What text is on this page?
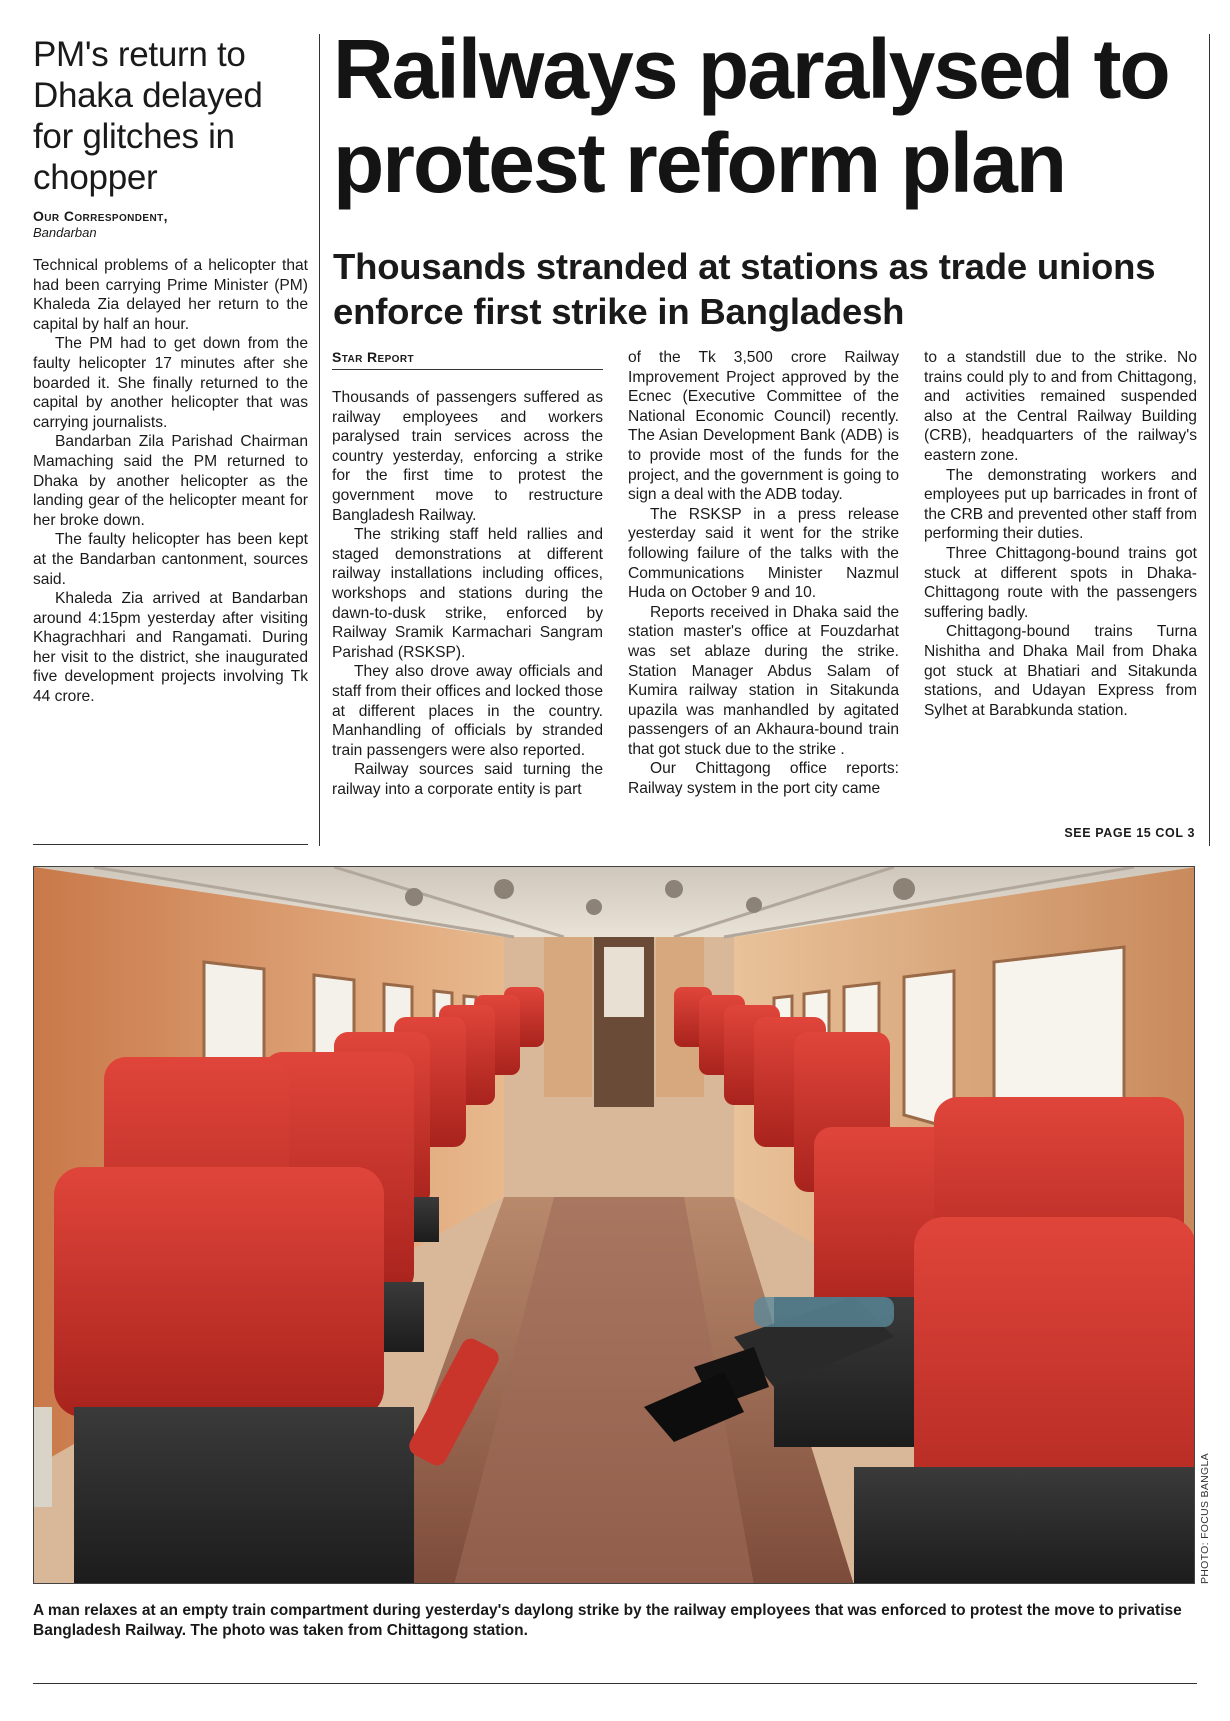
PM's return to Dhaka delayed for glitches in chopper
Our Correspondent,
Bandarban

Technical problems of a helicopter that had been carrying Prime Minister (PM) Khaleda Zia delayed her return to the capital by half an hour.

The PM had to get down from the faulty helicopter 17 minutes after she boarded it. She finally returned to the capital by another helicopter that was carrying journalists.

Bandarban Zila Parishad Chairman Mamaching said the PM returned to Dhaka by another helicopter as the landing gear of the helicopter meant for her broke down.

The faulty helicopter has been kept at the Bandarban cantonment, sources said.

Khaleda Zia arrived at Bandarban around 4:15pm yesterday after visiting Khagrachhari and Rangamati. During her visit to the district, she inaugurated five development projects involving Tk 44 crore.

Railways paralysed to protest reform plan
Thousands stranded at stations as trade unions enforce first strike in Bangladesh
Star Report

Thousands of passengers suffered as railway employees and workers paralysed train services across the country yesterday, enforcing a strike for the first time to protest the government move to restructure Bangladesh Railway.

The striking staff held rallies and staged demonstrations at different railway installations including offices, workshops and stations during the dawn-to-dusk strike, enforced by Railway Sramik Karmachari Sangram Parishad (RSKSP).

They also drove away officials and staff from their offices and locked those at different places in the country. Manhandling of officials by stranded train passengers were also reported.

Railway sources said turning the railway into a corporate entity is part

of the Tk 3,500 crore Railway Improvement Project approved by the Ecnec (Executive Committee of the National Economic Council) recently. The Asian Development Bank (ADB) is to provide most of the funds for the project, and the government is going to sign a deal with the ADB today.

The RSKSP in a press release yesterday said it went for the strike following failure of the talks with the Communications Minister Nazmul Huda on October 9 and 10.

Reports received in Dhaka said the station master's office at Fouzdarhat was set ablaze during the strike. Station Manager Abdus Salam of Kumira railway station in Sitakunda upazila was manhandled by agitated passengers of an Akhaura-bound train that got stuck due to the strike .

Our Chittagong office reports: Railway system in the port city came

to a standstill due to the strike. No trains could ply to and from Chittagong, and activities remained suspended also at the Central Railway Building (CRB), headquarters of the railway's eastern zone.

The demonstrating workers and employees put up barricades in front of the CRB and prevented other staff from performing their duties.

Three Chittagong-bound trains got stuck at different spots in Dhaka-Chittagong route with the passengers suffering badly.

Chittagong-bound trains Turna Nishitha and Dhaka Mail from Dhaka got stuck at Bhatiari and Sitakunda stations, and Udayan Express from Sylhet at Barabkunda station.

SEE PAGE 15 COL 3
PHOTO: FOCUS BANGLA
A man relaxes at an empty train compartment during yesterday's daylong strike by the railway employees that was enforced to protest the move to privatise Bangladesh Railway. The photo was taken from Chittagong station.
